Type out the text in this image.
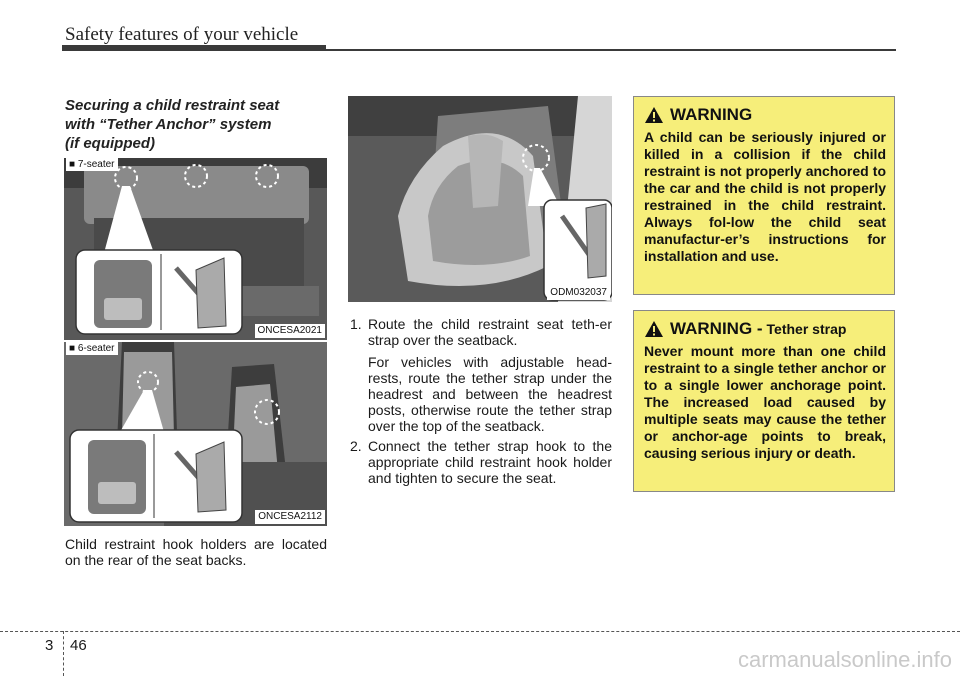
Safety features of your vehicle
Securing a child restraint seat
with “Tether Anchor” system
(if equipped)
■ 7-seater
ONCESA2021
■ 6-seater
ONCESA2112
Child restraint hook holders are located on the rear of the seat backs.
ODM032037
1. Route the child restraint seat teth-er strap over the seatback.
For vehicles with adjustable head-rests, route the tether strap under the headrest and between the headrest posts, otherwise route the tether strap over the top of the seatback.
2. Connect the tether strap hook to the appropriate child restraint hook holder and tighten to secure the seat.
WARNING
A child can be seriously injured or killed in a collision if the child restraint is not properly anchored to the car and the child is not properly restrained in the child restraint. Always fol-low the child seat manufactur-er’s instructions for installation and use.
WARNING - Tether strap
Never mount more than one child restraint to a single tether anchor or to a single lower anchorage point. The increased load caused by multiple seats may cause the tether or anchor-age points to break, causing serious injury or death.
3 46
carmanualsonline.info
